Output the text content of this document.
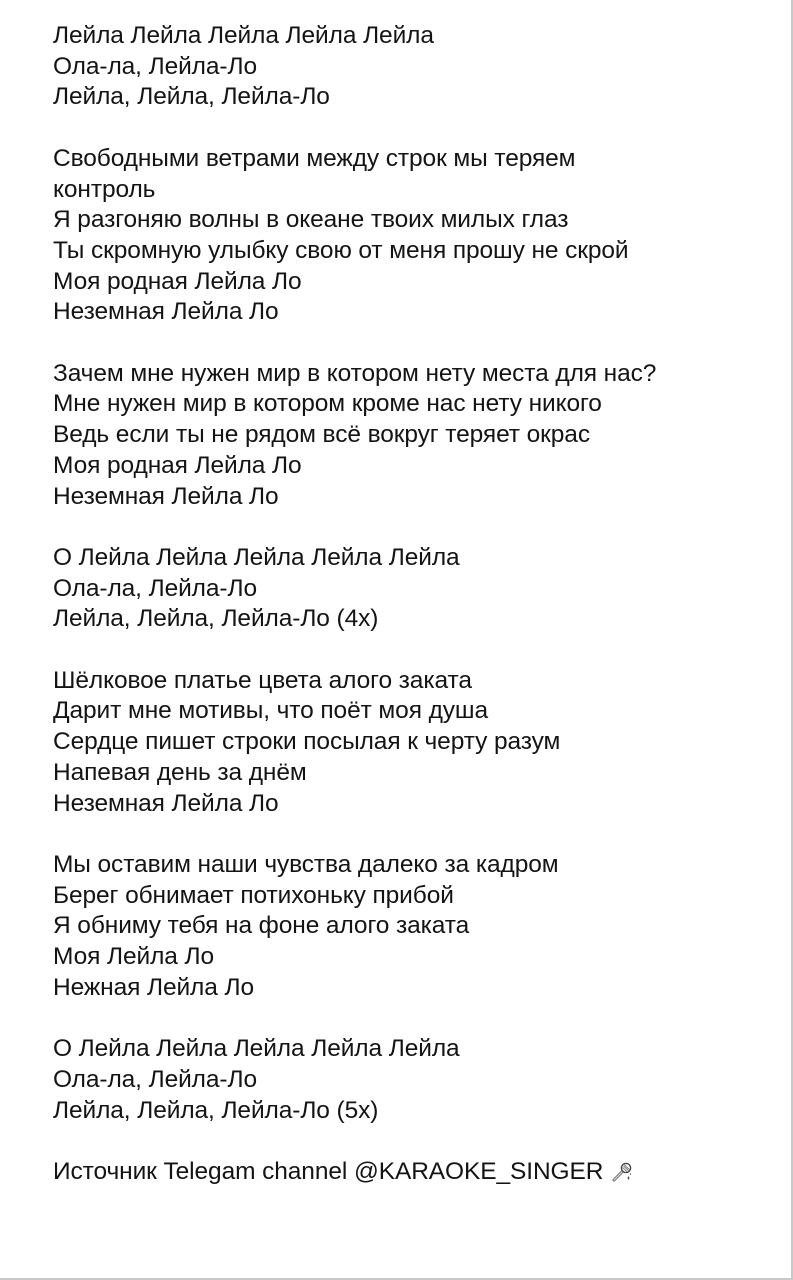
Лейла Лейла Лейла Лейла Лейла
Ола-ла, Лейла-Ло
Лейла, Лейла, Лейла-Ло
Свободными ветрами между строк мы теряем контроль
Я разгоняю волны в океане твоих милых глаз
Ты скромную улыбку свою от меня прошу не скрой
Моя родная Лейла Ло
Неземная Лейла Ло
Зачем мне нужен мир в котором нету места для нас?
Мне нужен мир в котором кроме нас нету никого
Ведь если ты не рядом всё вокруг теряет окрас
Моя родная Лейла Ло
Неземная Лейла Ло
О Лейла Лейла Лейла Лейла Лейла
Ола-ла, Лейла-Ло
Лейла, Лейла, Лейла-Ло (4x)
Шёлковое платье цвета алого заката
Дарит мне мотивы, что поёт моя душа
Сердце пишет строки посылая к черту разум
Напевая день за днём
Неземная Лейла Ло
Мы оставим наши чувства далеко за кадром
Берег обнимает потихоньку прибой
Я обниму тебя на фоне алого заката
Моя Лейла Ло
Нежная Лейла Ло
О Лейла Лейла Лейла Лейла Лейла
Ола-ла, Лейла-Ло
Лейла, Лейла, Лейла-Ло (5x)
Источник Telegam channel @KARAOKE_SINGER
